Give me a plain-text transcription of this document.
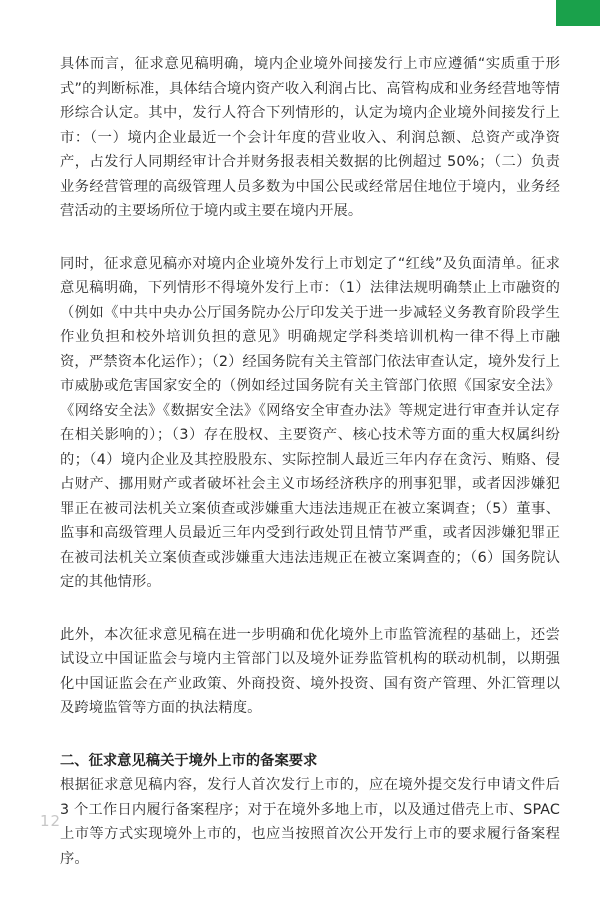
具体而言，征求意见稿明确，境内企业境外间接发行上市应遵循“实质重于形式”的判断标准，具体结合境内资产收入利润占比、高管构成和业务经营地等情形综合认定。其中，发行人符合下列情形的，认定为境内企业境外间接发行上市：（一）境内企业最近一个会计年度的营业收入、利润总额、总资产或净资产，占发行人同期经审计合并财务报表相关数据的比例超过 50%；（二）负责业务经营管理的高级管理人员多数为中国公民或经常居住地位于境内，业务经营活动的主要场所位于境内或主要在境内开展。

同时，征求意见稿亦对境内企业境外发行上市划定了“红线”及负面清单。征求意见稿明确，下列情形不得境外发行上市：（1）法律法规明确禁止上市融资的（例如《中共中央办公厅国务院办公厅印发关于进一步减轻义务教育阶段学生作业负担和校外培训负担的意见》明确规定学科类培训机构一律不得上市融资，严禁资本化运作）；（2）经国务院有关主管部门依法审查认定，境外发行上市威胁或危害国家安全的（例如经过国务院有关主管部门依照《国家安全法》《网络安全法》《数据安全法》《网络安全审查办法》等规定进行审查并认定存在相关影响的）；（3）存在股权、主要资产、核心技术等方面的重大权属纠纷的；（4）境内企业及其控股股东、实际控制人最近三年内存在贪污、贿赂、侵占财产、挪用财产或者破坏社会主义市场经济秩序的刑事犯罪，或者因涉嫌犯罪正在被司法机关立案侦查或涉嫌重大违法违规正在被立案调查；（5）董事、监事和高级管理人员最近三年内受到行政处罚且情节严重，或者因涉嫌犯罪正在被司法机关立案侦查或涉嫌重大违法违规正在被立案调查的；（6）国务院认定的其他情形。

此外，本次征求意见稿在进一步明确和优化境外上市监管流程的基础上，还尝试设立中国证监会与境内主管部门以及境外证券监管机构的联动机制，以期强化中国证监会在产业政策、外商投资、境外投资、国有资产管理、外汇管理以及跨境监管等方面的执法精度。

二、征求意见稿关于境外上市的备案要求

根据征求意见稿内容，发行人首次发行上市的，应在境外提交发行申请文件后 3 个工作日内履行备案程序；对于在境外多地上市，以及通过借壳上市、SPAC 上市等方式实现境外上市的，也应当按照首次公开发行上市的要求履行备案程序。

12
